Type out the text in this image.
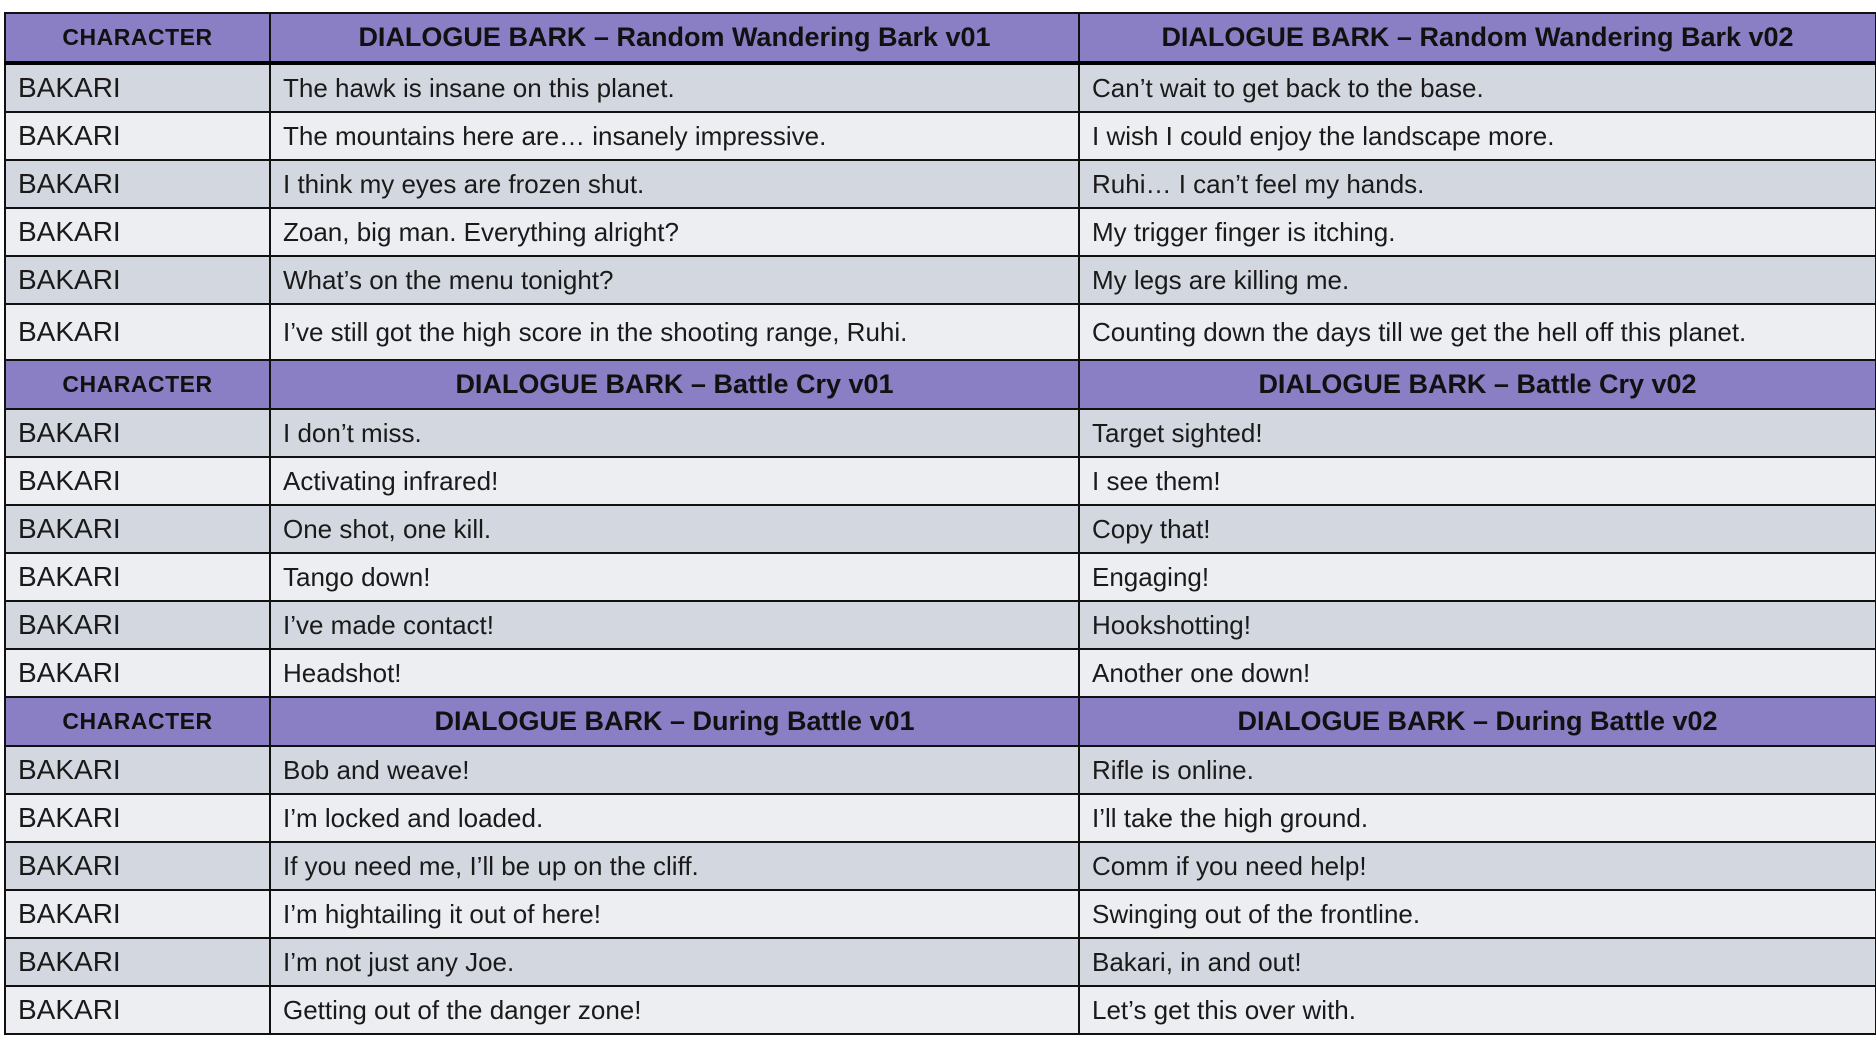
CHARACTER	DIALOGUE BARK – Random Wandering Bark v01	DIALOGUE BARK – Random Wandering Bark v02
BAKARI	The hawk is insane on this planet.	Can’t wait to get back to the base.
BAKARI	The mountains here are… insanely impressive.	I wish I could enjoy the landscape more.
BAKARI	I think my eyes are frozen shut.	Ruhi… I can’t feel my hands.
BAKARI	Zoan, big man. Everything alright?	My trigger finger is itching.
BAKARI	What’s on the menu tonight?	My legs are killing me.
BAKARI	I’ve still got the high score in the shooting range, Ruhi.	Counting down the days till we get the hell off this planet.
CHARACTER	DIALOGUE BARK – Battle Cry v01	DIALOGUE BARK – Battle Cry v02
BAKARI	I don’t miss.	Target sighted!
BAKARI	Activating infrared!	I see them!
BAKARI	One shot, one kill.	Copy that!
BAKARI	Tango down!	Engaging!
BAKARI	I’ve made contact!	Hookshotting!
BAKARI	Headshot!	Another one down!
CHARACTER	DIALOGUE BARK – During Battle v01	DIALOGUE BARK – During Battle v02
BAKARI	Bob and weave!	Rifle is online.
BAKARI	I’m locked and loaded.	I’ll take the high ground.
BAKARI	If you need me, I’ll be up on the cliff.	Comm if you need help!
BAKARI	I’m hightailing it out of here!	Swinging out of the frontline.
BAKARI	I’m not just any Joe.	Bakari, in and out!
BAKARI	Getting out of the danger zone!	Let’s get this over with.
